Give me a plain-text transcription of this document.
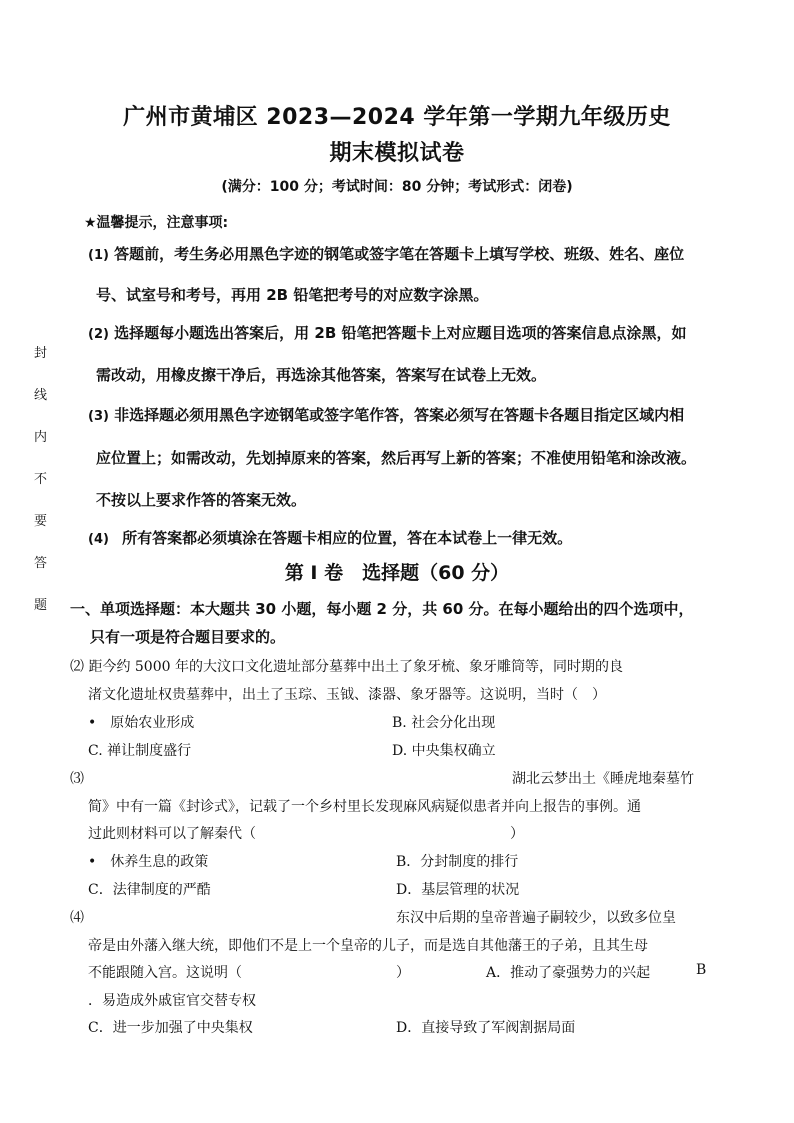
广州市黄埔区 2023—2024 学年第一学期九年级历史
期末模拟试卷
(满分：100 分；考试时间：80 分钟；考试形式：闭卷)
★温馨提示，注意事项:
(1) 答题前，考生务必用黑色字迹的钢笔或签字笔在答题卡上填写学校、班级、姓名、座位
号、试室号和考号，再用 2B 铅笔把考号的对应数字涂黑。
(2) 选择题每小题选出答案后，用 2B 铅笔把答题卡上对应题目选项的答案信息点涂黑，如
需改动，用橡皮擦干净后，再选涂其他答案，答案写在试卷上无效。
(3) 非选择题必须用黑色字迹钢笔或签字笔作答，答案必须写在答题卡各题目指定区域内相
应位置上；如需改动，先划掉原来的答案，然后再写上新的答案；不准使用铅笔和涂改液。
不按以上要求作答的答案无效。
(4) 所有答案都必须填涂在答题卡相应的位置，答在本试卷上一律无效。
封
线
内
不
要
答
题
第 I 卷　选择题（60 分）
一、单项选择题：本大题共 30 小题，每小题 2 分，共 60 分。在每小题给出的四个选项中，
只有一项是符合题目要求的。
⑵ 距今约 5000 年的大汶口文化遗址部分墓葬中出土了象牙梳、象牙雕筒等，同时期的良
渚文化遗址权贵墓葬中，出土了玉琮、玉钺、漆器、象牙器等。这说明，当时（　）
• 原始农业形成	B. 社会分化出现
C. 禅让制度盛行	D. 中央集权确立
⑶	湖北云梦出土《睡虎地秦墓竹
简》中有一篇《封诊式》，记载了一个乡村里长发现麻风病疑似患者并向上报告的事例。通
过此则材料可以了解秦代（	）
• 休养生息的政策	B．分封制度的排行
C．法律制度的严酷	D．基层管理的状况
⑷	东汉中后期的皇帝普遍子嗣较少，以致多位皇
帝是由外藩入继大统，即他们不是上一个皇帝的儿子，而是选自其他藩王的子弟，且其生母
不能跟随入宫。这说明（	）	A．推动了豪强势力的兴起	B
．易造成外戚宦官交替专权
C．进一步加强了中央集权	D．直接导致了军阀割据局面
